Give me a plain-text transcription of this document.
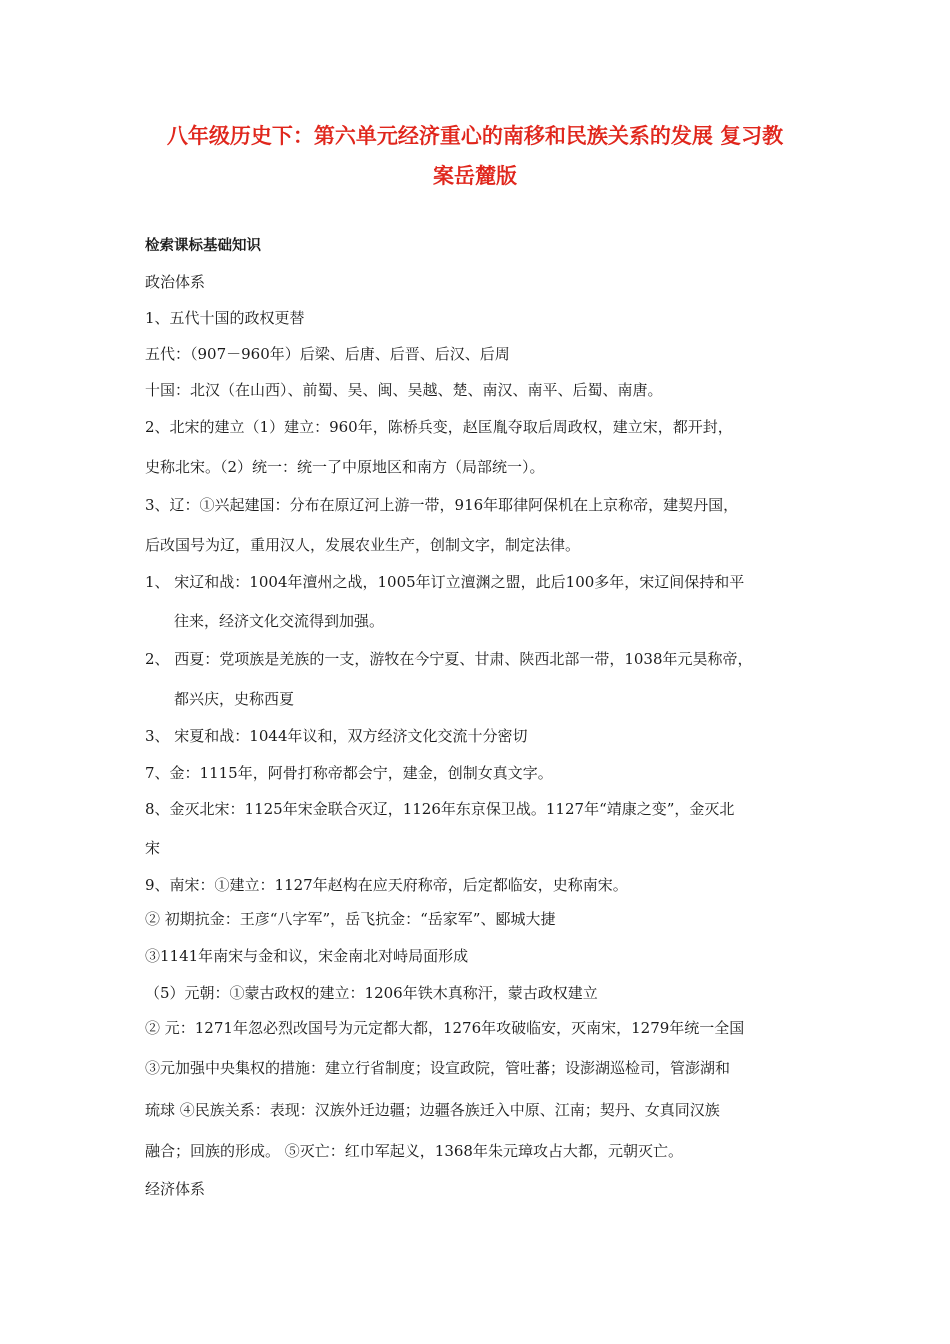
八年级历史下：第六单元经济重心的南移和民族关系的发展 复习教
案岳麓版
检索课标基础知识
政治体系
1、五代十国的政权更替
五代：（907－960年）后梁、后唐、后晋、后汉、后周
十国：北汉（在山西）、前蜀、吴、闽、吴越、楚、南汉、南平、后蜀、南唐。
2、北宋的建立（1）建立：960年，陈桥兵变，赵匡胤夺取后周政权，建立宋，都开封，
史称北宋。（2）统一：统一了中原地区和南方（局部统一）。
3、辽：①兴起建国：分布在原辽河上游一带，916年耶律阿保机在上京称帝，建契丹国，
后改国号为辽，重用汉人，发展农业生产，创制文字，制定法律。
1、 宋辽和战：1004年澶州之战，1005年订立澶渊之盟，此后100多年，宋辽间保持和平
往来，经济文化交流得到加强。
2、 西夏：党项族是羌族的一支，游牧在今宁夏、甘肃、陕西北部一带，1038年元昊称帝，
都兴庆，史称西夏
3、 宋夏和战：1044年议和，双方经济文化交流十分密切
7、金：1115年，阿骨打称帝都会宁，建金，创制女真文字。
8、金灭北宋：1125年宋金联合灭辽，1126年东京保卫战。1127年“靖康之变”，金灭北
宋
9、南宋：①建立：1127年赵构在应天府称帝，后定都临安，史称南宋。
② 初期抗金：王彦“八字军”，岳飞抗金：“岳家军”、郾城大捷
③1141年南宋与金和议，宋金南北对峙局面形成
（5）元朝：①蒙古政权的建立：1206年铁木真称汗，蒙古政权建立
② 元：1271年忽必烈改国号为元定都大都，1276年攻破临安，灭南宋，1279年统一全国
③元加强中央集权的措施：建立行省制度；设宣政院，管吐蕃；设澎湖巡检司，管澎湖和
琉球 ④民族关系：表现：汉族外迁边疆；边疆各族迁入中原、江南；契丹、女真同汉族
融合；回族的形成。 ⑤灭亡：红巾军起义，1368年朱元璋攻占大都，元朝灭亡。
经济体系
